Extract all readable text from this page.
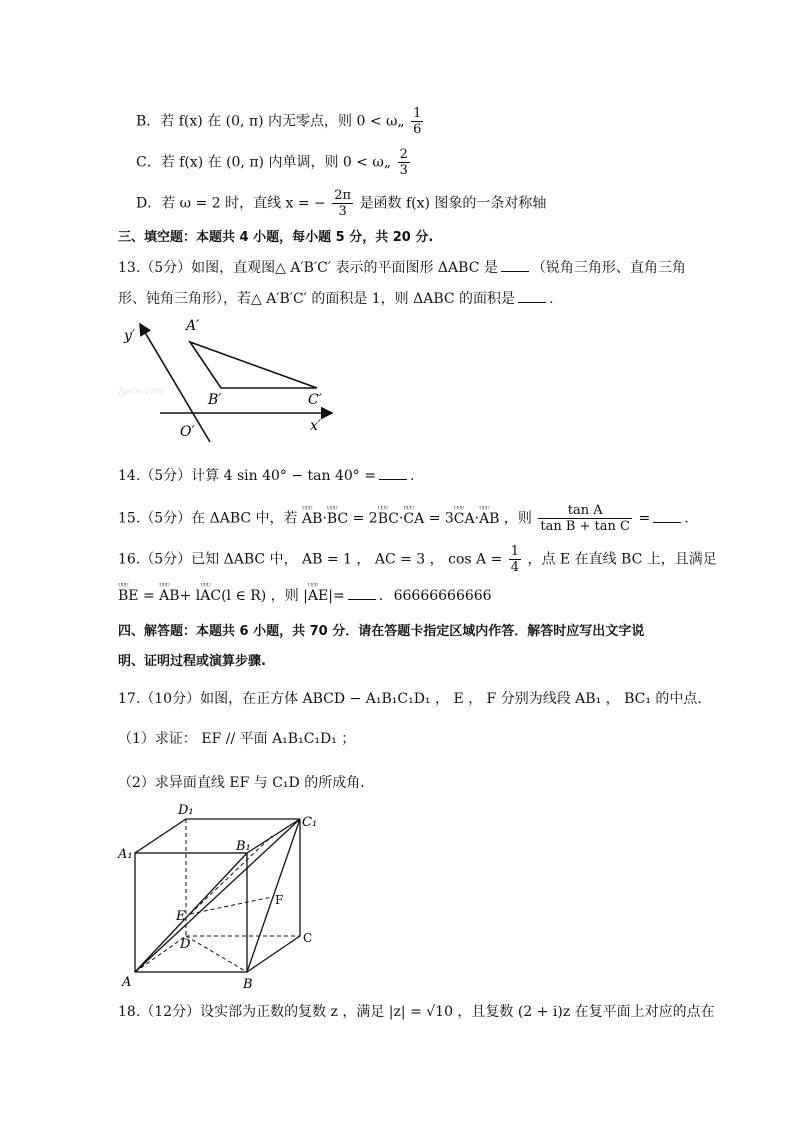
B．若 f(x) 在 (0, π) 内无零点，则 0 < ω„ $\frac{1}{6}$
C．若 f(x) 在 (0, π) 内单调，则 0 < ω„ $\frac{2}{3}$
D．若 ω = 2 时，直线 x = − $\frac{2\pi}{3}$ 是函数 f(x) 图象的一条对称轴
三、填空题：本题共 4 小题，每小题 5 分，共 20 分.
13.（5分）如图，直观图△ A′B′C′ 表示的平面图形 ΔABC 是 （锐角三角形、直角三角
形、钝角三角形），若△ A′B′C′ 的面积是 1，则 ΔABC 的面积是 .
y′
x′
O′
A′
B′	C′
Jyeoo.com
14.（5分）计算 4 sin 40° − tan 40° = .
15.（5分）在 ΔABC 中，若 ᵁᵁᵁ AB·ᵁᵁᵁ BC = 2ᵁᵁᵁ BC·ᵁᵁᵁ CA = 3ᵁᵁᵁ CA·ᵁᵁᵁ AB ，则 $\frac{\text{tan A}}{\text{tan B + tan C}}$ = .
16.（5分）已知 ΔABC 中， AB = 1 ， AC = 3 ， $\cos A = \frac{1}{4}$ ，点 E 在直线 BC 上，且满足
ᵁᵁᵁ BE = ᵁᵁᵁ AB+ lᵁᵁᵁ AC(l ∈ R) ，则 |ᵁᵁᵁ AE|= . 66666666666
四、解答题：本题共 6 小题，共 70 分．请在答题卡指定区域内作答．解答时应写出文字说
明、证明过程或演算步骤.
17.（10分）如图，在正方体 ABCD − A₁B₁C₁D₁ ， E ， F 分别为线段 AB₁ ， BC₁ 的中点．
（1）求证： EF // 平面 A₁B₁C₁D₁ ；
（2）求异面直线 EF 与 C₁D 的所成角．
D₁
C₁
A₁
B₁
E
F
D	C
A	B
18.（12分）设实部为正数的复数 z ，满足 |z| = √10 ，且复数 (2 + i)z 在复平面上对应的点在
